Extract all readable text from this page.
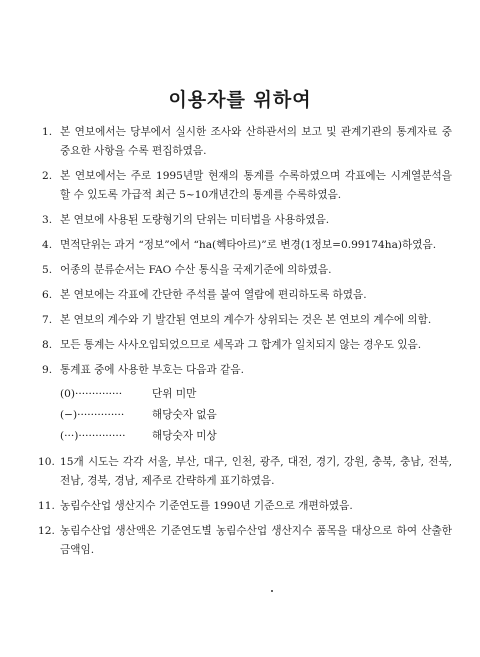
이용자를 위하여
1. 본 연보에서는 당부에서 실시한 조사와 산하관서의 보고 및 관계기관의 통계자료 중 중요한 사항을 수록 편집하였음.
2. 본 연보에서는 주로 1995년말 현재의 통계를 수록하였으며 각표에는 시계열분석을 할 수 있도록 가급적 최근 5~10개년간의 통계를 수록하였음.
3. 본 연보에 사용된 도량형기의 단위는 미터법을 사용하였음.
4. 면적단위는 과거 “정보”에서 “ha(헥타아르)”로 변경(1정보=0.99174ha)하였음.
5. 어종의 분류순서는 FAO 수산 통식을 국제기준에 의하였음.
6. 본 연보에는 각표에 간단한 주석를 붙여 열람에 편리하도록 하였음.
7. 본 연보의 계수와 기 발간된 연보의 계수가 상위되는 것은 본 연보의 계수에 의함.
8. 모든 통계는 사사오입되었으므로 세목과 그 합계가 일치되지 않는 경우도 있음.
9. 통계표 중에 사용한 부호는 다음과 같음.
(0)··············	단위 미만
(−)··············	해당숫자 없음
(···)··············	해당숫자 미상
10. 15개 시도는 각각 서울, 부산, 대구, 인천, 광주, 대전, 경기, 강원, 충북, 충남, 전북, 전남, 경북, 경남, 제주로 간략하게 표기하였음.
11. 농림수산업 생산지수 기준연도를 1990년 기준으로 개편하였음.
12. 농림수산업 생산액은 기준연도별 농림수산업 생산지수 품목을 대상으로 하여 산출한 금액임.
